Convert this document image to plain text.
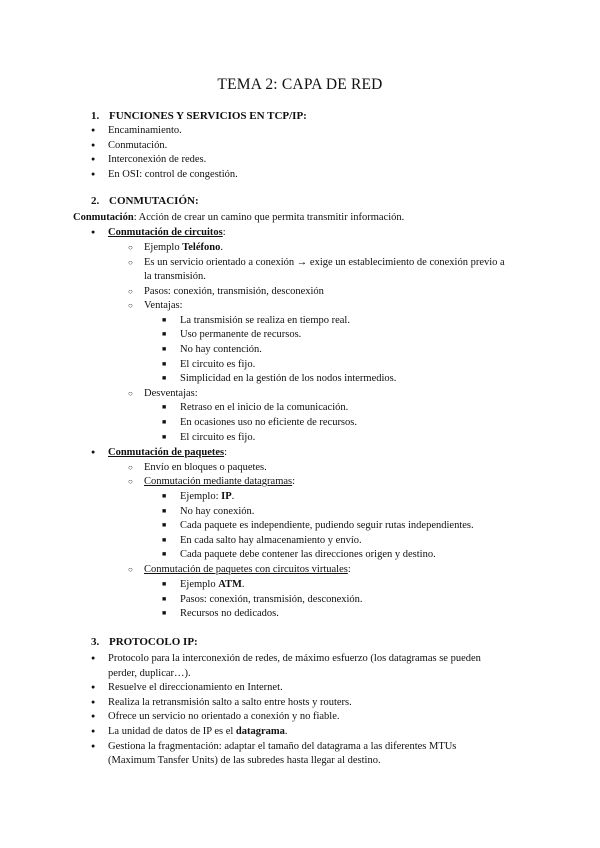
TEMA 2: CAPA DE RED
1. FUNCIONES Y SERVICIOS EN TCP/IP:
● Encaminamiento.
● Conmutación.
● Interconexión de redes.
● En OSI: control de congestión.
2. CONMUTACIÓN:
Conmutación: Acción de crear un camino que permita transmitir información.
● Conmutación de circuitos:
○ Ejemplo Teléfono.
○ Es un servicio orientado a conexión → exige un establecimiento de conexión previo a
la transmisión.
○ Pasos: conexión, transmisión, desconexión
○ Ventajas:
■ La transmisión se realiza en tiempo real.
■ Uso permanente de recursos.
■ No hay contención.
■ El circuito es fijo.
■ Simplicidad en la gestión de los nodos intermedios.
○ Desventajas:
■ Retraso en el inicio de la comunicación.
■ En ocasiones uso no eficiente de recursos.
■ El circuito es fijo.
● Conmutación de paquetes:
○ Envío en bloques o paquetes.
○ Conmutación mediante datagramas:
■ Ejemplo: IP.
■ No hay conexión.
■ Cada paquete es independiente, pudiendo seguir rutas independientes.
■ En cada salto hay almacenamiento y envío.
■ Cada paquete debe contener las direcciones origen y destino.
○ Conmutación de paquetes con circuitos virtuales:
■ Ejemplo ATM.
■ Pasos: conexión, transmisión, desconexión.
■ Recursos no dedicados.
3. PROTOCOLO IP:
● Protocolo para la interconexión de redes, de máximo esfuerzo (los datagramas se pueden
perder, duplicar…).
● Resuelve el direccionamiento en Internet.
● Realiza la retransmisión salto a salto entre hosts y routers.
● Ofrece un servicio no orientado a conexión y no fiable.
● La unidad de datos de IP es el datagrama.
● Gestiona la fragmentación: adaptar el tamaño del datagrama a las diferentes MTUs
(Maximum Tansfer Units) de las subredes hasta llegar al destino.
